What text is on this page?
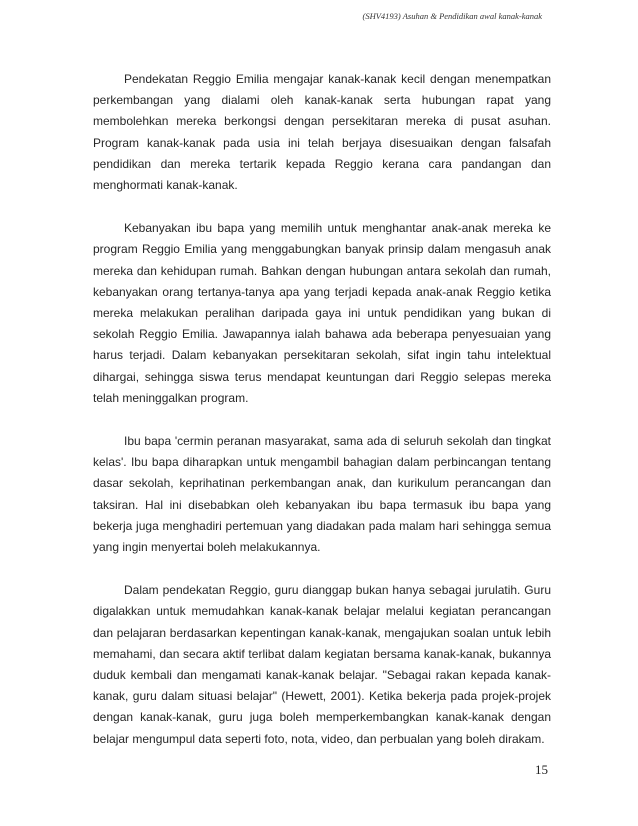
(SHV4193) Asuhan & Pendidikan awal kanak-kanak

Pendekatan Reggio Emilia mengajar kanak-kanak kecil dengan menempatkan perkembangan yang dialami oleh kanak-kanak serta hubungan rapat yang membolehkan mereka berkongsi dengan persekitaran mereka di pusat asuhan. Program kanak-kanak pada usia ini telah berjaya disesuaikan dengan falsafah pendidikan dan mereka tertarik kepada Reggio kerana cara pandangan dan menghormati kanak-kanak.

Kebanyakan ibu bapa yang memilih untuk menghantar anak-anak mereka ke program Reggio Emilia yang menggabungkan banyak prinsip dalam mengasuh anak mereka dan kehidupan rumah. Bahkan dengan hubungan antara sekolah dan rumah, kebanyakan orang tertanya-tanya apa yang terjadi kepada anak-anak Reggio ketika mereka melakukan peralihan daripada gaya ini untuk pendidikan yang bukan di sekolah Reggio Emilia. Jawapannya ialah bahawa ada beberapa penyesuaian yang harus terjadi. Dalam kebanyakan persekitaran sekolah, sifat ingin tahu intelektual dihargai, sehingga siswa terus mendapat keuntungan dari Reggio selepas mereka telah meninggalkan program.

Ibu bapa 'cermin peranan masyarakat, sama ada di seluruh sekolah dan tingkat kelas'. Ibu bapa diharapkan untuk mengambil bahagian dalam perbincangan tentang dasar sekolah, keprihatinan perkembangan anak, dan kurikulum perancangan dan taksiran. Hal ini disebabkan oleh kebanyakan ibu bapa termasuk ibu bapa yang bekerja juga menghadiri pertemuan yang diadakan pada malam hari sehingga semua yang ingin menyertai boleh melakukannya.

Dalam pendekatan Reggio, guru dianggap bukan hanya sebagai jurulatih. Guru digalakkan untuk memudahkan kanak-kanak belajar melalui kegiatan perancangan dan pelajaran berdasarkan kepentingan kanak-kanak, mengajukan soalan untuk lebih memahami, dan secara aktif terlibat dalam kegiatan bersama kanak-kanak, bukannya duduk kembali dan mengamati kanak-kanak belajar. "Sebagai rakan kepada kanak-kanak, guru dalam situasi belajar" (Hewett, 2001). Ketika bekerja pada projek-projek dengan kanak-kanak, guru juga boleh memperkembangkan kanak-kanak dengan belajar mengumpul data seperti foto, nota, video, dan perbualan yang boleh dirakam.

15
